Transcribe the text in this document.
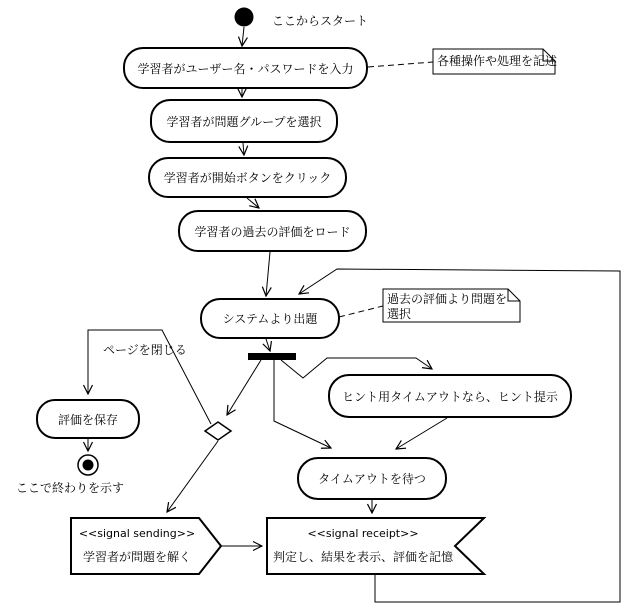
学習者がユーザー名・パスワードを入力
学習者が問題グループを選択
学習者が開始ボタンをクリック
学習者の過去の評価をロード
システムより出題
ヒント用タイムアウトなら、ヒント提示
タイムアウトを待つ
評価を保存
<<signal sending>>
学習者が問題を解く
<<signal receipt>>
判定し、結果を表示、評価を記憶
各種操作や処理を記述
過去の評価より問題を
選択
ここからスタート
ページを閉じる
ここで終わりを示す
